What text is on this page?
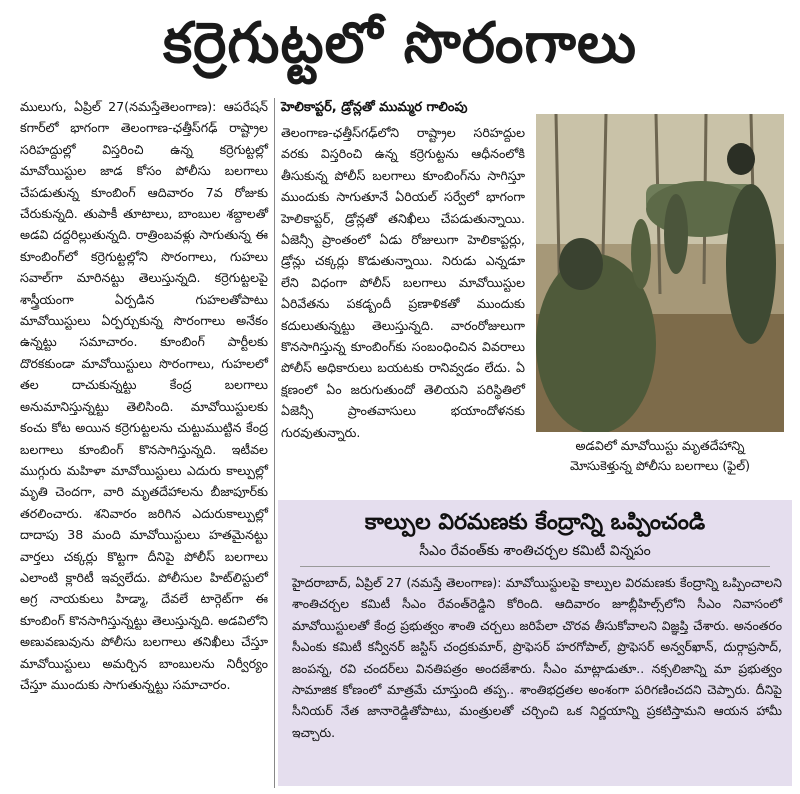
కర్రెగుట్టలో సొరంగాలు

ములుగు, ఏప్రిల్ 27(నమస్తేతెలంగాణ): ఆపరేషన్ కగార్‌లో భాగంగా తెలంగాణ-ఛత్తీస్‌గఢ్ రాష్ట్రాల సరిహద్దుల్లో విస్తరించి ఉన్న కర్రెగుట్టల్లో మావోయిస్టుల జాడ కోసం పోలీసు బలగాలు చేపడుతున్న కూంబింగ్ ఆదివారం 7వ రోజుకు చేరుకున్నది. తుపాకీ తూటాలు, బాంబుల శబ్దాలతో అడవి దద్దరిల్లుతున్నది. రాత్రింబవళ్లు సాగుతున్న ఈ కూంబింగ్‌లో కర్రెగుట్టల్లోని సొరంగాలు, గుహలు సవాల్‌గా మారినట్టు తెలుస్తున్నది. కర్రెగుట్టలపై శాస్త్రీయంగా ఏర్పడిన గుహలతోపాటు మావోయిస్టులు ఏర్పర్చుకున్న సొరంగాలు అనేకం ఉన్నట్టు సమాచారం. కూంబింగ్ పార్టీలకు దొరకకుండా మావోయిస్టులు సొరంగాలు, గుహలలో తల దాచుకున్నట్టు కేంద్ర బలగాలు అనుమానిస్తున్నట్టు తెలిసింది. మావోయిస్టులకు కంచు కోట అయిన కర్రెగుట్టలను చుట్టుముట్టిన కేంద్ర బలగాలు కూంబింగ్ కొనసాగిస్తున్నది. ఇటీవల ముగ్గురు మహిళా మావోయిస్టులు ఎదురు కాల్పుల్లో మృతి చెందగా, వారి మృతదేహాలను బీజాపూర్‌కు తరలించారు. శనివారం జరిగిన ఎదురుకాల్పుల్లో దాదాపు 38 మంది మావోయిస్టులు హతమైనట్టు వార్తలు చక్కర్లు కొట్టగా దీనిపై పోలీస్ బలగాలు ఎలాంటి క్లారిటీ ఇవ్వలేదు. పోలీసుల హిట్‌లిస్టులో అగ్ర నాయకులు హిడ్మా, దేవలే టార్గెట్‌గా ఈ కూంబింగ్ కొనసాగిస్తున్నట్టు తెలుస్తున్నది. అడవిలోని అణువణువును పోలీసు బలగాలు తనిఖీలు చేస్తూ మావోయిస్టులు అమర్చిన బాంబులను నిర్వీర్యం చేస్తూ ముందుకు సాగుతున్నట్టు సమాచారం.

హెలికాప్టర్, డ్రోన్లతో ముమ్మర గాలింపు

తెలంగాణ-ఛత్తీస్‌గఢ్‌లోని రాష్ట్రాల సరిహద్దుల వరకు విస్తరించి ఉన్న కర్రెగుట్టను ఆధీనంలోకి తీసుకున్న పోలీస్ బలగాలు కూంబింగ్‌ను సాగిస్తూ ముందుకు సాగుతూనే ఏరియల్ సర్వేలో భాగంగా హెలికాప్టర్, డ్రోన్లతో తనిఖీలు చేపడుతున్నాయి. ఏజెన్సీ ప్రాంతంలో ఏడు రోజులుగా హెలికాప్టర్లు, డ్రోన్లు చక్కర్లు కొడుతున్నాయి. నిరుడు ఎన్నడూ లేని విధంగా పోలీస్ బలగాలు మావోయిస్టుల ఏరివేతను పకడ్బందీ ప్రణాళికతో ముందుకు కదులుతున్నట్టు తెలుస్తున్నది. వారంరోజులుగా కొనసాగిస్తున్న కూంబింగ్‌కు సంబంధించిన వివరాలు పోలీస్ అధికారులు బయటకు రానివ్వడం లేదు. ఏ క్షణంలో ఏం జరుగుతుందో తెలియని పరిస్థితిలో ఏజెన్సీ ప్రాంతవాసులు భయాందోళనకు గురవుతున్నారు.

అడవిలో మావోయిస్టు మృతదేహాన్ని
మోసుకెళ్తున్న పోలీసు బలగాలు (ఫైల్)
కాల్పుల విరమణకు కేంద్రాన్ని ఒప్పించండి
సీఎం రేవంత్‌కు శాంతిచర్చల కమిటీ విన్నపం
హైదరాబాద్, ఏప్రిల్ 27 (నమస్తే తెలంగాణ): మావోయిస్టులపై కాల్పుల విరమణకు కేంద్రాన్ని ఒప్పించాలని శాంతిచర్చల కమిటీ సీఎం రేవంత్‌రెడ్డిని కోరింది. ఆదివారం జూబ్లీహిల్స్‌లోని సీఎం నివాసంలో మావోయిస్టులతో కేంద్ర ప్రభుత్వం శాంతి చర్చలు జరిపేలా చొరవ తీసుకోవాలని విజ్ఞప్తి చేశారు. అనంతరం సీఎంకు కమిటీ కన్వీనర్ జస్టిస్ చంద్రకుమార్, ప్రొఫెసర్ హరగోపాల్, ప్రొఫెసర్ అన్వర్‌ఖాన్, దుర్గాప్రసాద్, జంపన్న, రవి చందర్‌లు వినతిపత్రం అందజేశారు. సీఎం మాట్లాడుతూ.. నక్సలిజాన్ని మా ప్రభుత్వం సామాజిక కోణంలో మాత్రమే చూస్తుంది తప్ప.. శాంతిభద్రతల అంశంగా పరిగణించదని చెప్పారు. దీనిపై సీనియర్ నేత జానారెడ్డితోపాటు, మంత్రులతో చర్చించి ఒక నిర్ణయాన్ని ప్రకటిస్తామని ఆయన హామీ ఇచ్చారు.
